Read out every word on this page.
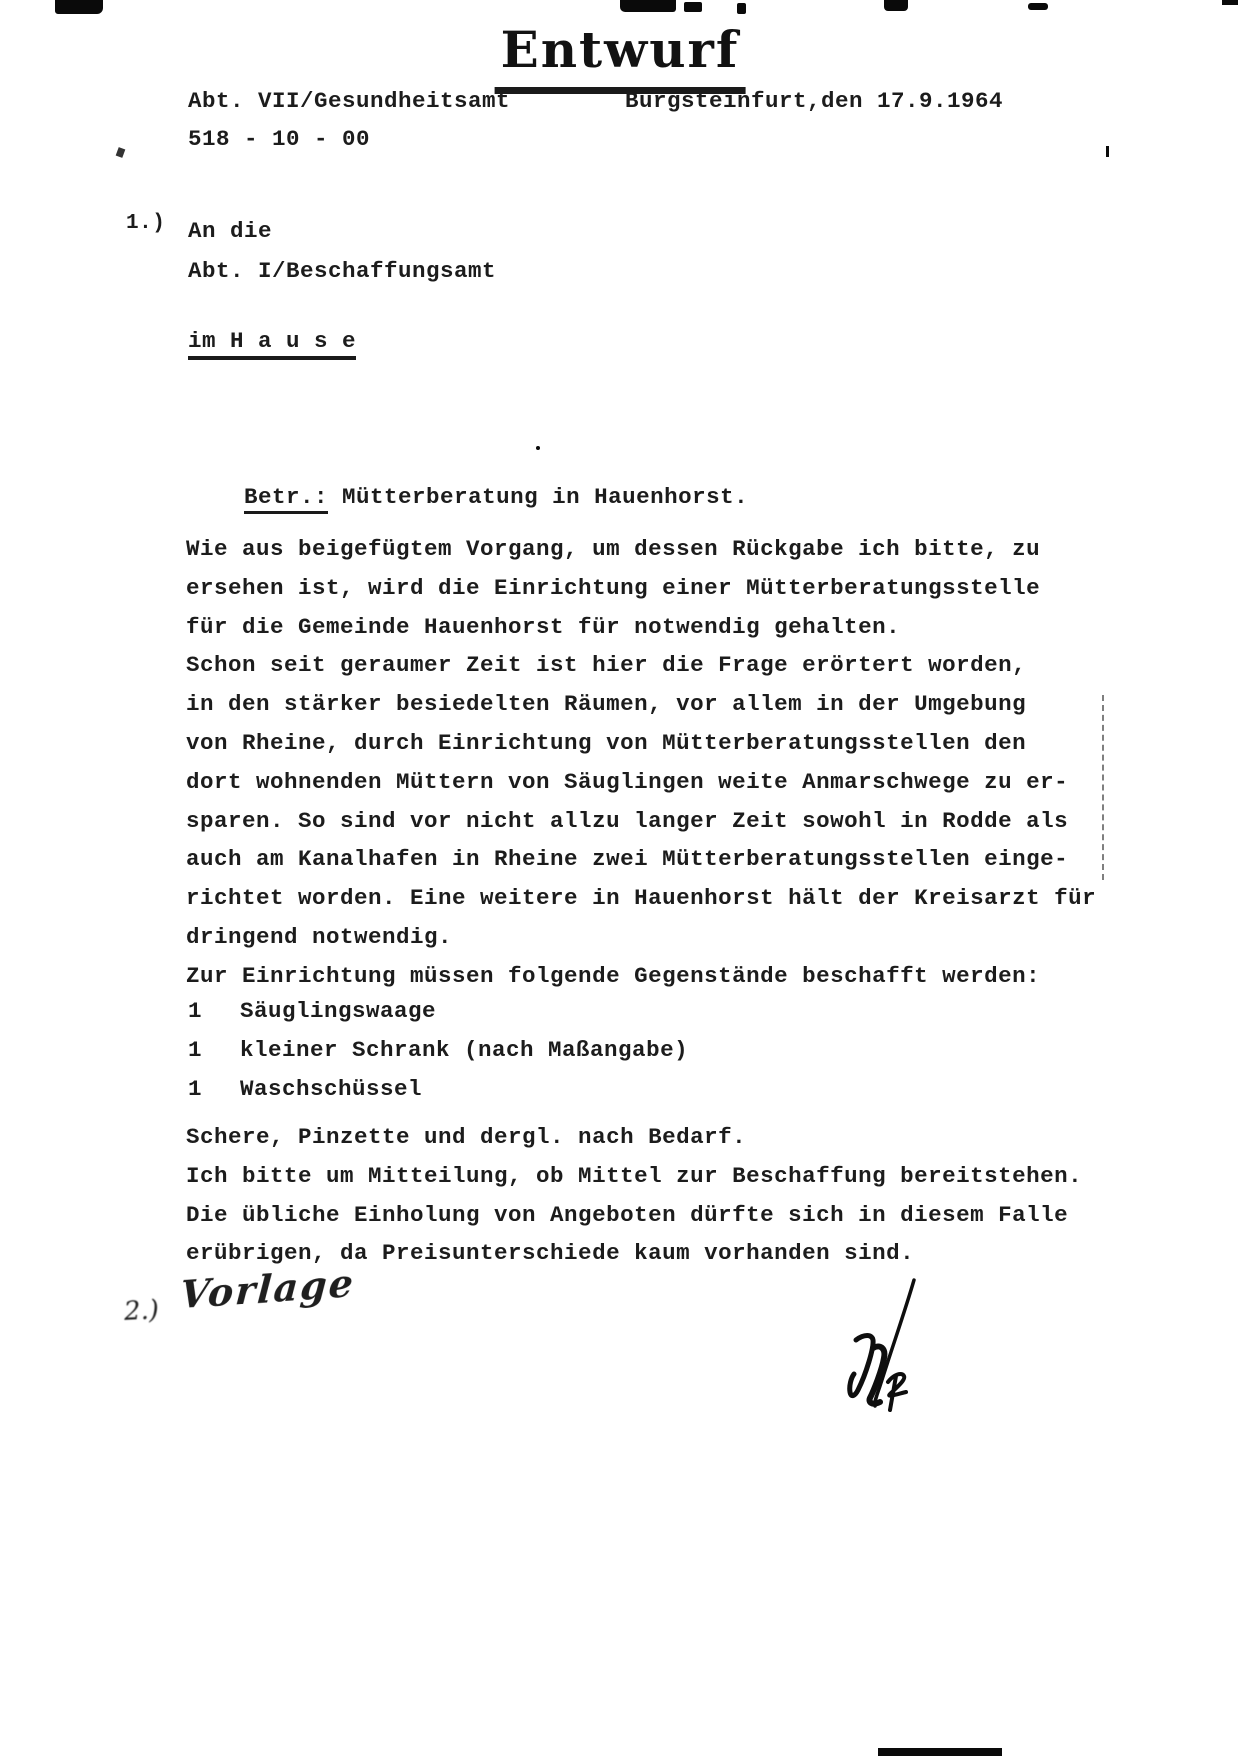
Entwurf
Abt. VII/Gesundheitsamt
518 - 10 - 00
Burgsteinfurt,den 17.9.1964
1.) An die
Abt. I/Beschaffungsamt
im H a u s e

Betr.: Mütterberatung in Hauenhorst.

Wie aus beigefügtem Vorgang, um dessen Rückgabe ich bitte, zu
ersehen ist, wird die Einrichtung einer Mütterberatungsstelle
für die Gemeinde Hauenhorst für notwendig gehalten.
Schon seit geraumer Zeit ist hier die Frage erörtert worden,
in den stärker besiedelten Räumen, vor allem in der Umgebung
von Rheine, durch Einrichtung von Mütterberatungsstellen den
dort wohnenden Müttern von Säuglingen weite Anmarschwege zu er-
sparen. So sind vor nicht allzu langer Zeit sowohl in Rodde als
auch am Kanalhafen in Rheine zwei Mütterberatungsstellen einge-
richtet worden. Eine weitere in Hauenhorst hält der Kreisarzt für
dringend notwendig.
Zur Einrichtung müssen folgende Gegenstände beschafft werden:
1	Säuglingswaage
1	kleiner Schrank (nach Maßangabe)
1	Waschschüssel
Schere, Pinzette und dergl. nach Bedarf.
Ich bitte um Mitteilung, ob Mittel zur Beschaffung bereitstehen.
Die übliche Einholung von Angeboten dürfte sich in diesem Falle
erübrigen, da Preisunterschiede kaum vorhanden sind.
2.) Vorlage
